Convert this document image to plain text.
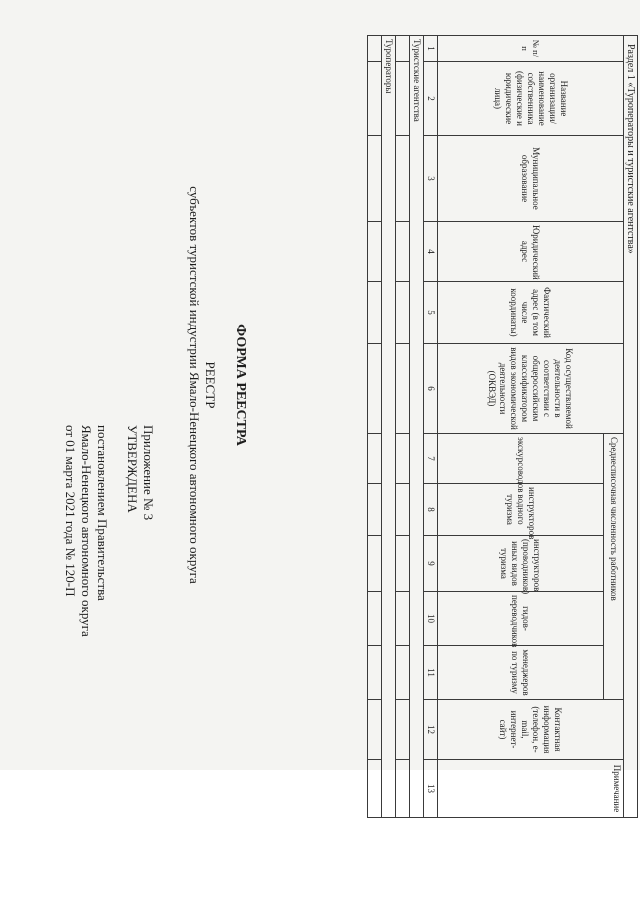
Раздел 1 «Туроператоры и туристские агентства»												
№ п/п	Название организации/ наименование собственника (физические и юридические лица)	Муниципальное образование	Юридический адрес	Фактический адрес (в том числе координаты)	Код осуществляемой деятельности в соответствии с общероссийским классификатором видов экономической деятельности (ОКВЭД)	Среднесписочная численность работников					Контактная информация (телефон, e-mail, интернет-сайт)	Примечание
						экскурсоводов	инструкторов водного туризма	инструкторов (проводников) иных видов туризма	гидов-переводчиков	менеджеров по туризму		
1	2	3	4	5	6	7	8	9	10	11	12	13
Туристские агентства												

Туроператоры												

ФОРМА РЕЕСТРА
РЕЕСТР
субъектов туристской индустрии Ямало-Ненецкого автономного округа
Приложение № 3
УТВЕРЖДЕНА
постановлением Правительства
Ямало-Ненецкого автономного округа
от 01 марта 2021 года № 120-П
